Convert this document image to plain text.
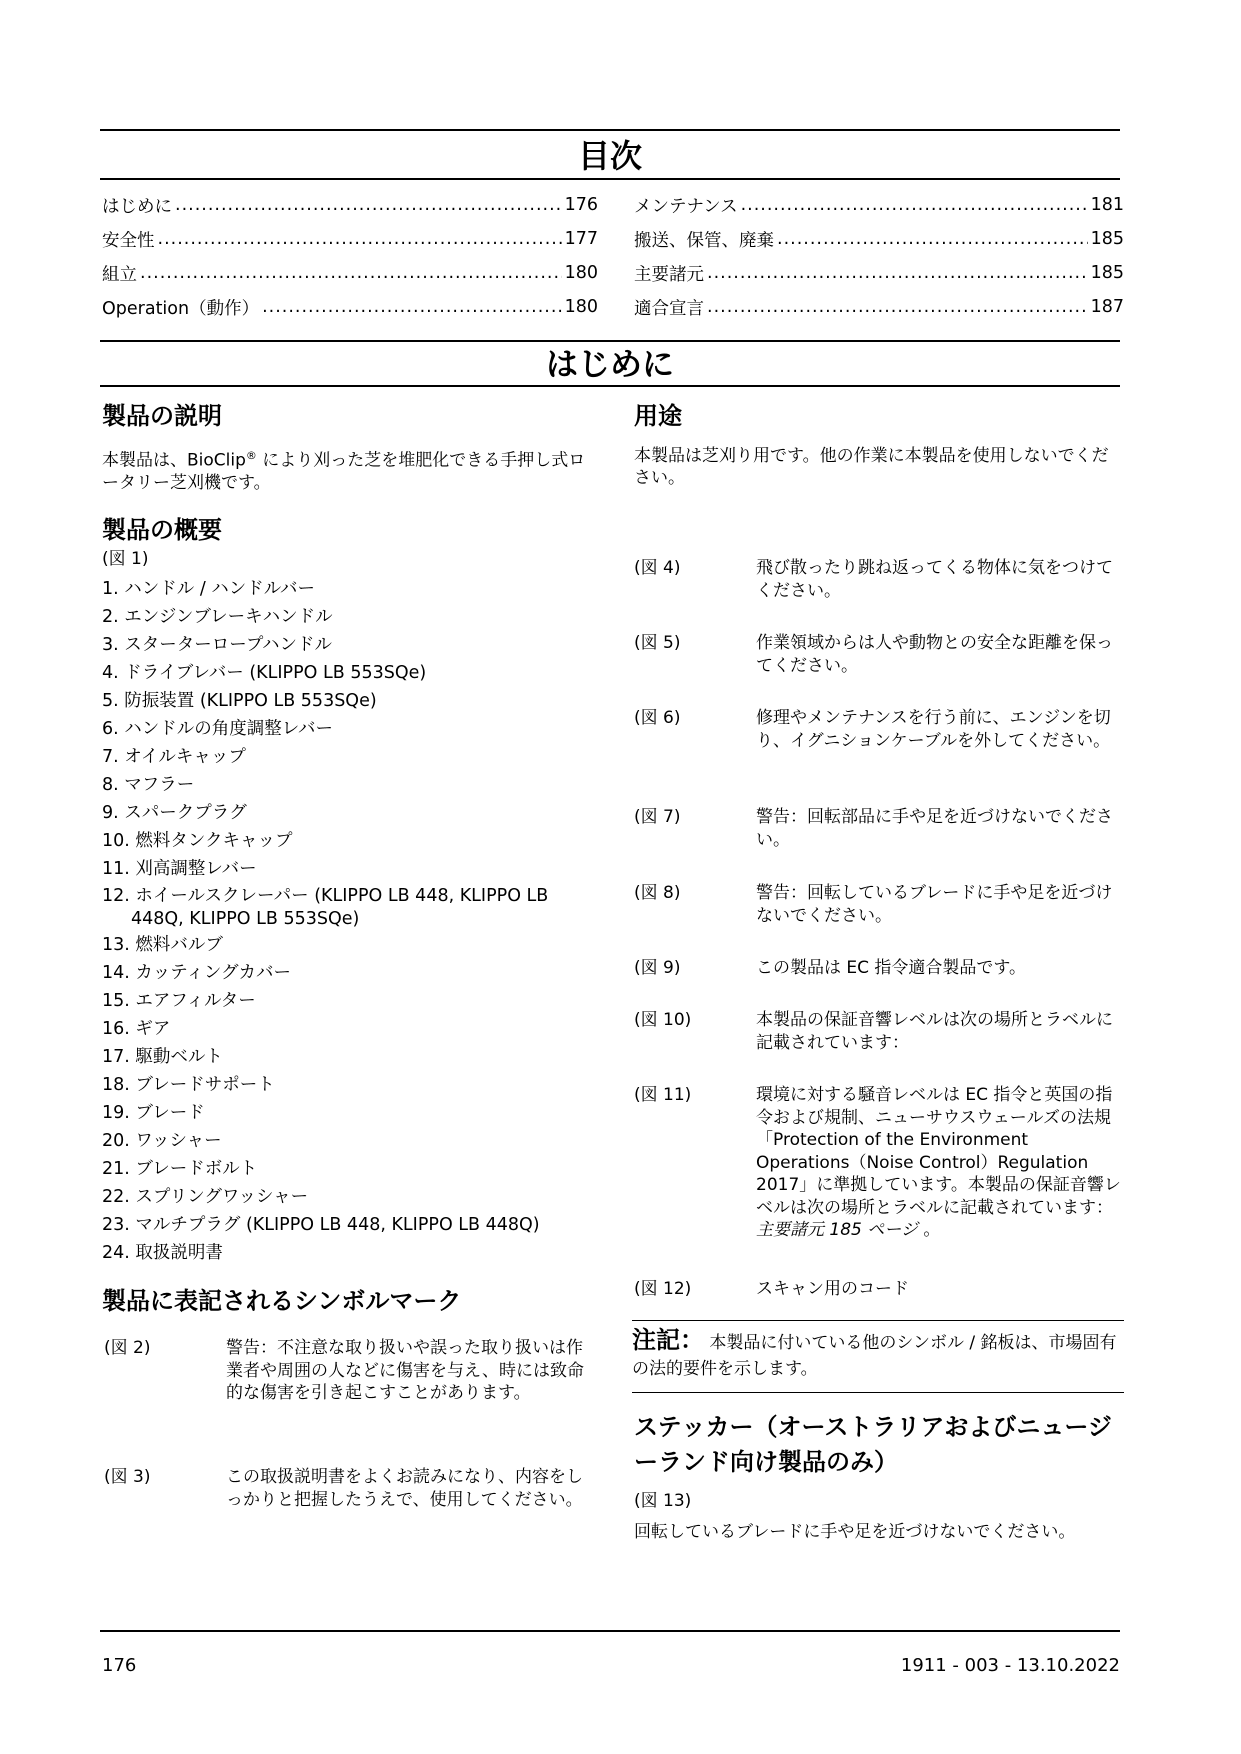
目次
はじめに .....	176
安全性 .....	177
組立 .....	180
Operation（動作） .....	180
メンテナンス .....	181
搬送、保管、廃棄 .....	185
主要諸元 .....	185
適合宣言 .....	187
はじめに
製品の説明
本製品は、BioClip® により刈った芝を堆肥化できる手押し式ロータリー芝刈機です。
製品の概要
(図 1)
1. ハンドル / ハンドルバー
2. エンジンブレーキハンドル
3. スターターロープハンドル
4. ドライブレバー (KLIPPO LB 553SQe)
5. 防振装置 (KLIPPO LB 553SQe)
6. ハンドルの角度調整レバー
7. オイルキャップ
8. マフラー
9. スパークプラグ
10. 燃料タンクキャップ
11. 刈高調整レバー
12. ホイールスクレーパー (KLIPPO LB 448, KLIPPO LB
448Q, KLIPPO LB 553SQe)
13. 燃料バルブ
14. カッティングカバー
15. エアフィルター
16. ギア
17. 駆動ベルト
18. ブレードサポート
19. ブレード
20. ワッシャー
21. ブレードボルト
22. スプリングワッシャー
23. マルチプラグ (KLIPPO LB 448, KLIPPO LB 448Q)
24. 取扱説明書
製品に表記されるシンボルマーク
(図 2)	警告：不注意な取り扱いや誤った取り扱いは作業者や周囲の人などに傷害を与え、時には致命的な傷害を引き起こすことがあります。
(図 3)	この取扱説明書をよくお読みになり、内容をしっかりと把握したうえで、使用してください。
用途
本製品は芝刈り用です。他の作業に本製品を使用しないでください。
(図 4)	飛び散ったり跳ね返ってくる物体に気をつけてください。
(図 5)	作業領域からは人や動物との安全な距離を保ってください。
(図 6)	修理やメンテナンスを行う前に、エンジンを切り、イグニションケーブルを外してください。
(図 7)	警告：回転部品に手や足を近づけないでください。
(図 8)	警告：回転しているブレードに手や足を近づけないでください。
(図 9)	この製品は EC 指令適合製品です。
(図 10)	本製品の保証音響レベルは次の場所とラベルに記載されています：
(図 11)	環境に対する騒音レベルは EC 指令と英国の指令および規制、ニューサウスウェールズの法規「Protection of the Environment Operations（Noise Control）Regulation 2017」に準拠しています。本製品の保証音響レベルは次の場所とラベルに記載されています：主要諸元 185 ページ 。
(図 12)	スキャン用のコード
注記： 本製品に付いている他のシンボル / 銘板は、市場固有の法的要件を示します。
ステッカー（オーストラリアおよびニュージーランド向け製品のみ）
(図 13)
回転しているブレードに手や足を近づけないでください。
176	1911 - 003 - 13.10.2022
